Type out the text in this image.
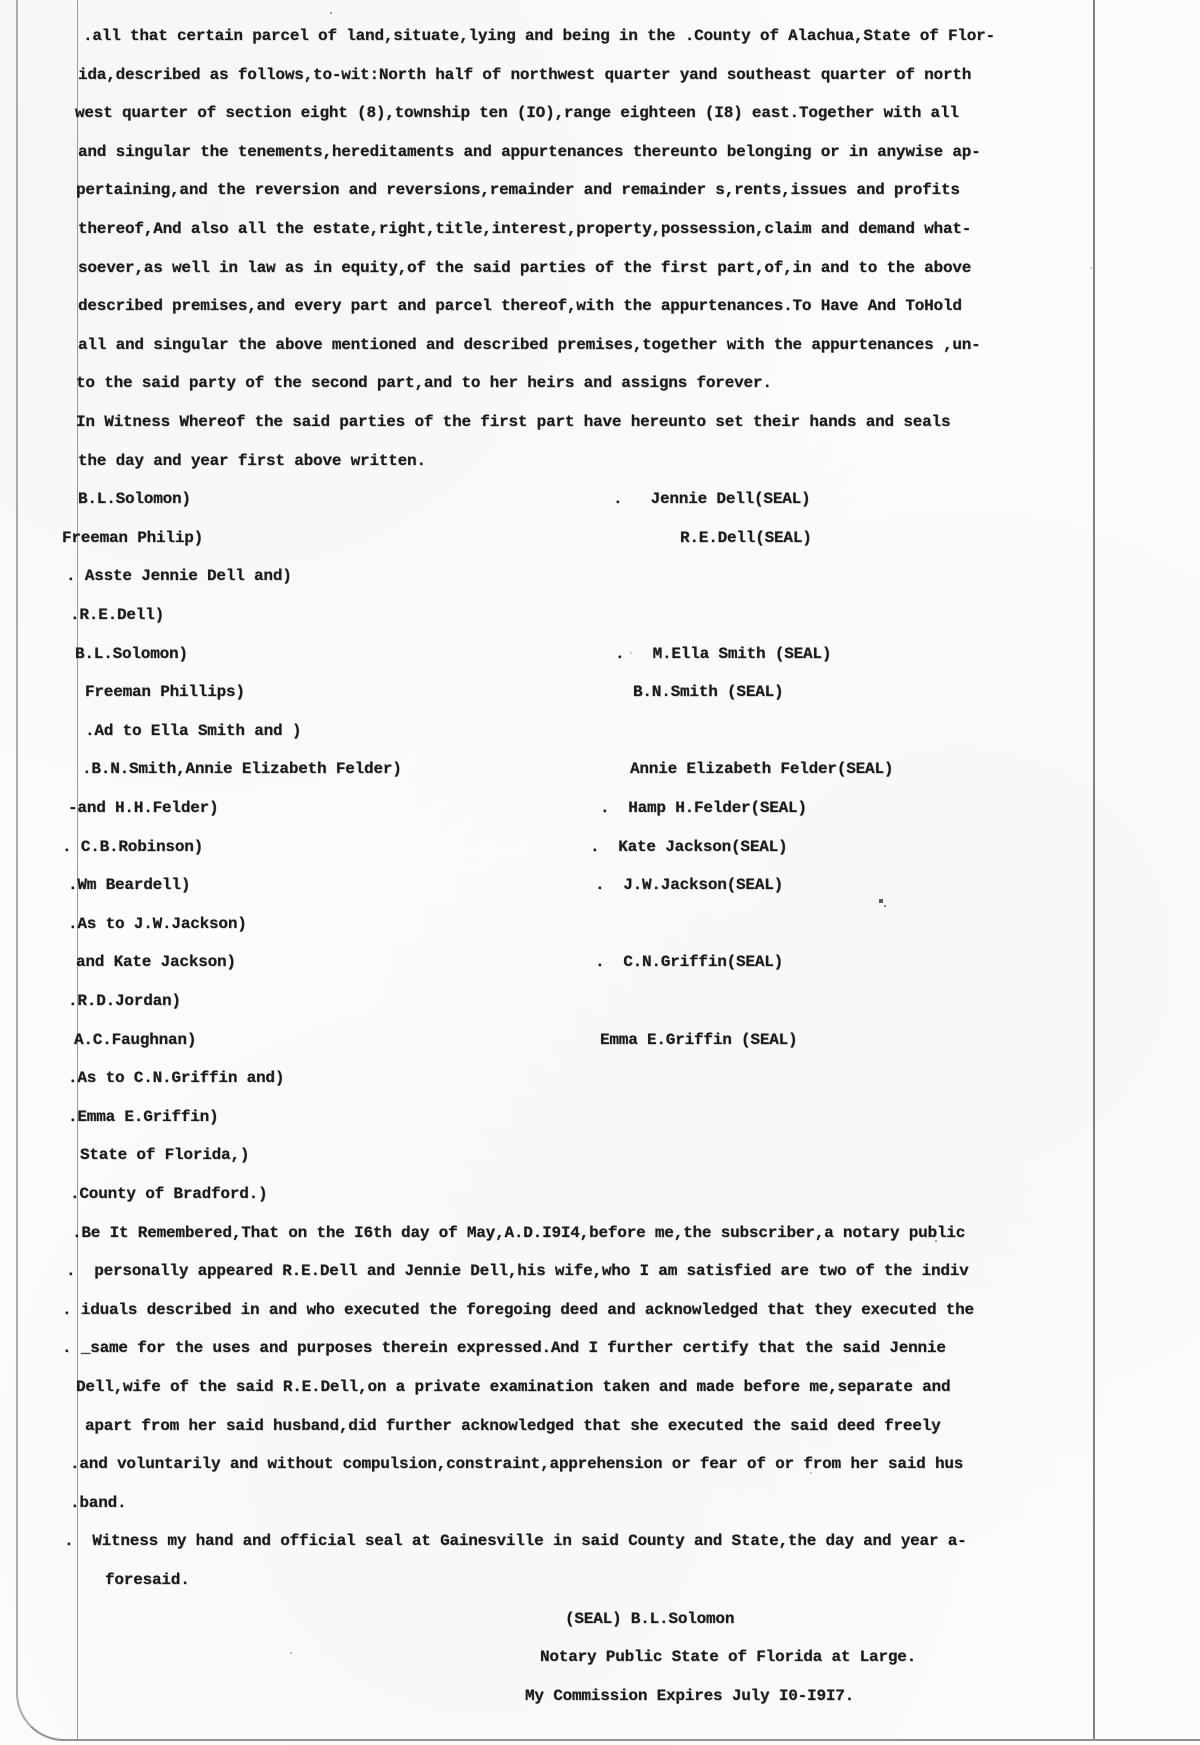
.all that certain parcel of land,situate,lying and being in the .County of Alachua,State of Flor-
ida,described as follows,to-wit:North half of northwest quarter yand southeast quarter of north
west quarter of section eight (8),township ten (IO),range eighteen (I8) east.Together with all
and singular the tenements,hereditaments and appurtenances thereunto belonging or in anywise ap-
pertaining,and the reversion and reversions,remainder and remainder s,rents,issues and profits
thereof,And also all the estate,right,title,interest,property,possession,claim and demand what-
soever,as well in law as in equity,of the said parties of the first part,of,in and to the above
described premises,and every part and parcel thereof,with the appurtenances.To Have And ToHold
all and singular the above mentioned and described premises,together with the appurtenances ,un-
to the said party of the second part,and to her heirs and assigns forever.
In Witness Whereof the said parties of the first part have hereunto set their hands and seals
the day and year first above written.
B.L.Solomon)	.   Jennie Dell(SEAL)
Freeman Philip)	R.E.Dell(SEAL)
. Asste Jennie Dell and)
.R.E.Dell)
B.L.Solomon)	.   M.Ella Smith (SEAL)
Freeman Phillips)	B.N.Smith (SEAL)
.Ad to Ella Smith and )
.B.N.Smith,Annie Elizabeth Felder)	Annie Elizabeth Felder(SEAL)
-and H.H.Felder)	.  Hamp H.Felder(SEAL)
. C.B.Robinson)	.  Kate Jackson(SEAL)
.Wm Beardell)	.  J.W.Jackson(SEAL)
.As to J.W.Jackson)
and Kate Jackson)	.  C.N.Griffin(SEAL)
.R.D.Jordan)
A.C.Faughnan)	Emma E.Griffin (SEAL)
.As to C.N.Griffin and)
.Emma E.Griffin)
State of Florida,)
.County of Bradford.)
.Be It Remembered,That on the I6th day of May,A.D.I9I4,before me,the subscriber,a notary public
.  personally appeared R.E.Dell and Jennie Dell,his wife,who I am satisfied are two of the indiv
. iduals described in and who executed the foregoing deed and acknowledged that they executed the
. _same for the uses and purposes therein expressed.And I further certify that the said Jennie
Dell,wife of the said R.E.Dell,on a private examination taken and made before me,separate and
apart from her said husband,did further acknowledged that she executed the said deed freely
.and voluntarily and without compulsion,constraint,apprehension or fear of or from her said hus
.band.
.  Witness my hand and official seal at Gainesville in said County and State,the day and year a-
foresaid.
(SEAL) B.L.Solomon
Notary Public State of Florida at Large.
My Commission Expires July I0-I9I7.
